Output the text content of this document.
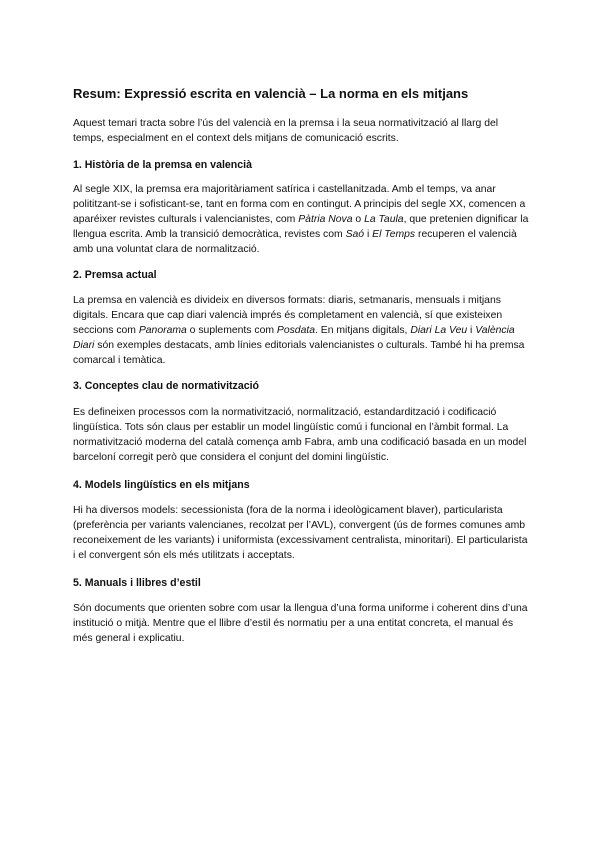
Resum: Expressió escrita en valencià – La norma en els mitjans

Aquest temari tracta sobre l’ús del valencià en la premsa i la seua normativització al llarg del temps, especialment en el context dels mitjans de comunicació escrits.

1. Història de la premsa en valencià

Al segle XIX, la premsa era majoritàriament satírica i castellanitzada. Amb el temps, va anar polititzant-se i sofisticant-se, tant en forma com en contingut. A principis del segle XX, comencen a aparéixer revistes culturals i valencianistes, com Pàtria Nova o La Taula, que pretenien dignificar la llengua escrita. Amb la transició democràtica, revistes com Saó i El Temps recuperen el valencià amb una voluntat clara de normalització.

2. Premsa actual

La premsa en valencià es divideix en diversos formats: diaris, setmanaris, mensuals i mitjans digitals. Encara que cap diari valencià imprés és completament en valencià, sí que existeixen seccions com Panorama o suplements com Posdata. En mitjans digitals, Diari La Veu i València Diari són exemples destacats, amb línies editorials valencianistes o culturals. També hi ha premsa comarcal i temàtica.

3. Conceptes clau de normativització

Es defineixen processos com la normativització, normalització, estandardització i codificació lingüística. Tots són claus per establir un model lingüístic comú i funcional en l’àmbit formal. La normativització moderna del català comença amb Fabra, amb una codificació basada en un model barceloní corregit però que considera el conjunt del domini lingüístic.

4. Models lingüístics en els mitjans

Hi ha diversos models: secessionista (fora de la norma i ideològicament blaver), particularista (preferència per variants valencianes, recolzat per l’AVL), convergent (ús de formes comunes amb reconeixement de les variants) i uniformista (excessivament centralista, minoritari). El particularista i el convergent són els més utilitzats i acceptats.

5. Manuals i llibres d’estil

Són documents que orienten sobre com usar la llengua d’una forma uniforme i coherent dins d’una institució o mitjà. Mentre que el llibre d’estil és normatiu per a una entitat concreta, el manual és més general i explicatiu.
